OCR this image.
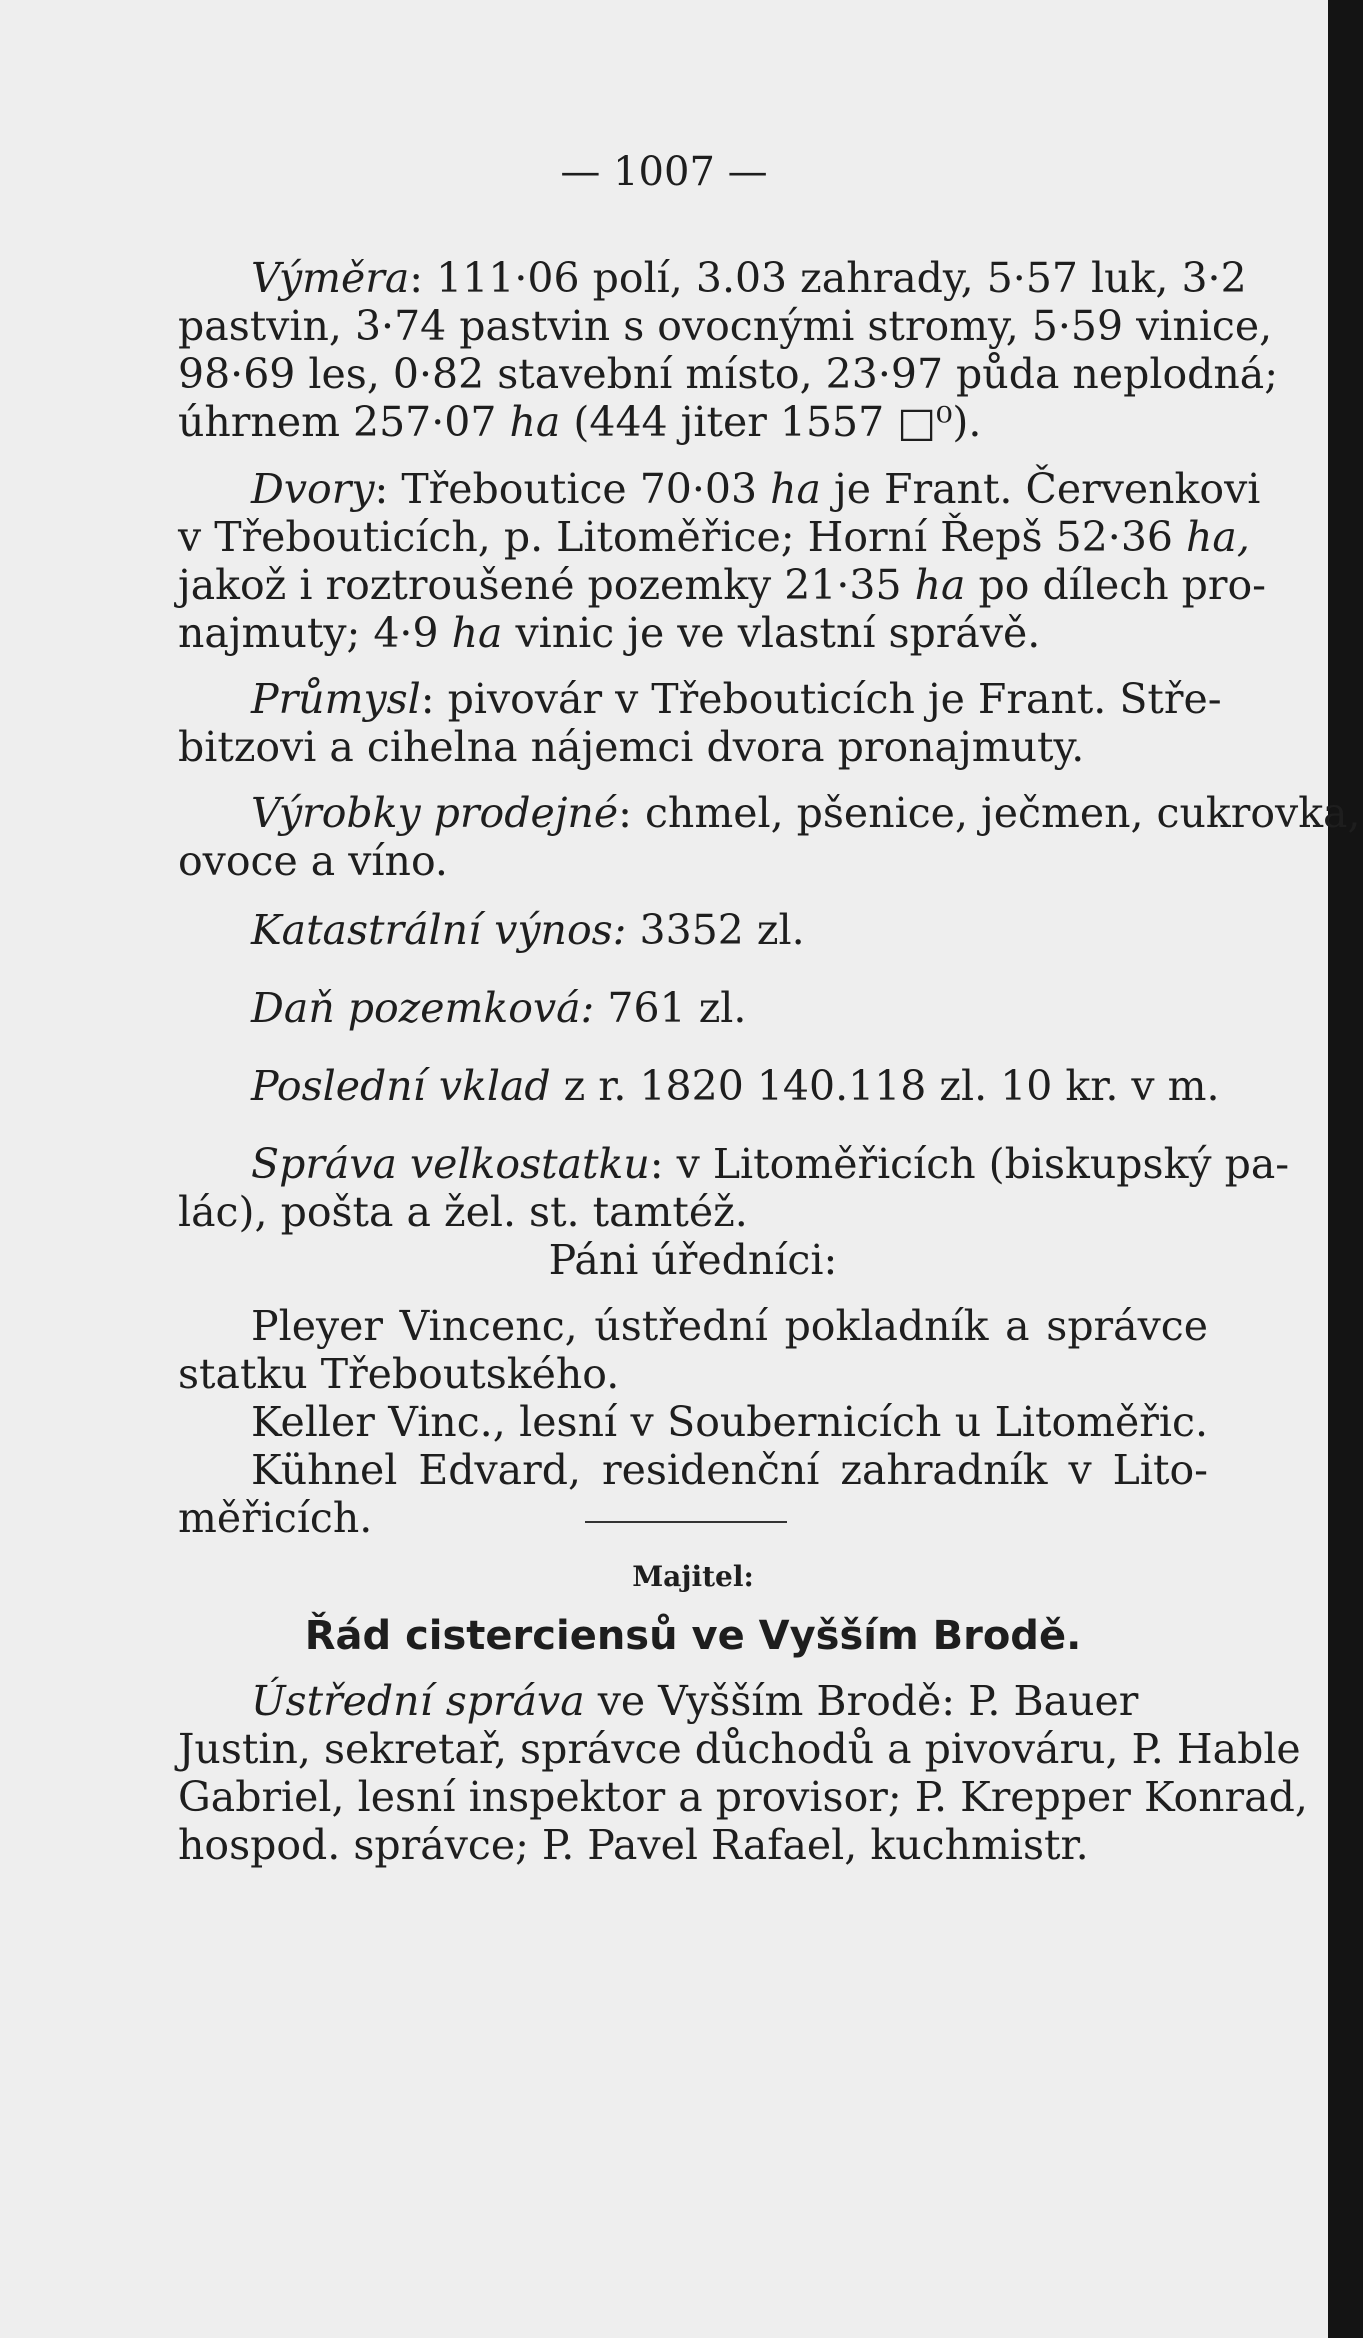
— 1007 —
Výměra: 111·06 polí, 3.03 zahrady, 5·57 luk, 3·2
pastvin, 3·74 pastvin s ovocnými stromy, 5·59 vinice,
98·69 les, 0·82 stavební místo, 23·97 půda neplodná;
úhrnem 257·07 ha (444 jiter 1557 □⁰).
Dvory: Třeboutice 70·03 ha je Frant. Červenkovi
v Třebouticích, p. Litoměřice; Horní Řepš 52·36 ha,
jakož i roztroušené pozemky 21·35 ha po dílech pro-
najmuty; 4·9 ha vinic je ve vlastní správě.
Průmysl: pivovár v Třebouticích je Frant. Stře-
bitzovi a cihelna nájemci dvora pronajmuty.
Výrobky prodejné: chmel, pšenice, ječmen, cukrovka,
ovoce a víno.
Katastrální výnos: 3352 zl.
Daň pozemková: 761 zl.
Poslední vklad z r. 1820 140.118 zl. 10 kr. v m.
Správa velkostatku: v Litoměřicích (biskupský pa-
lác), pošta a žel. st. tamtéž.
Páni úředníci:
Pleyer Vincenc, ústřední pokladník a správce
statku Třeboutského.
Keller Vinc., lesní v Soubernicích u Litoměřic.
Kühnel Edvard, residenční zahradník v Lito-
měřicích.
Majitel:
Řád cisterciensů ve Vyšším Brodě.
Ústřední správa ve Vyšším Brodě: P. Bauer
Justin, sekretař, správce důchodů a pivováru, P. Hable
Gabriel, lesní inspektor a provisor; P. Krepper Konrad,
hospod. správce; P. Pavel Rafael, kuchmistr.
